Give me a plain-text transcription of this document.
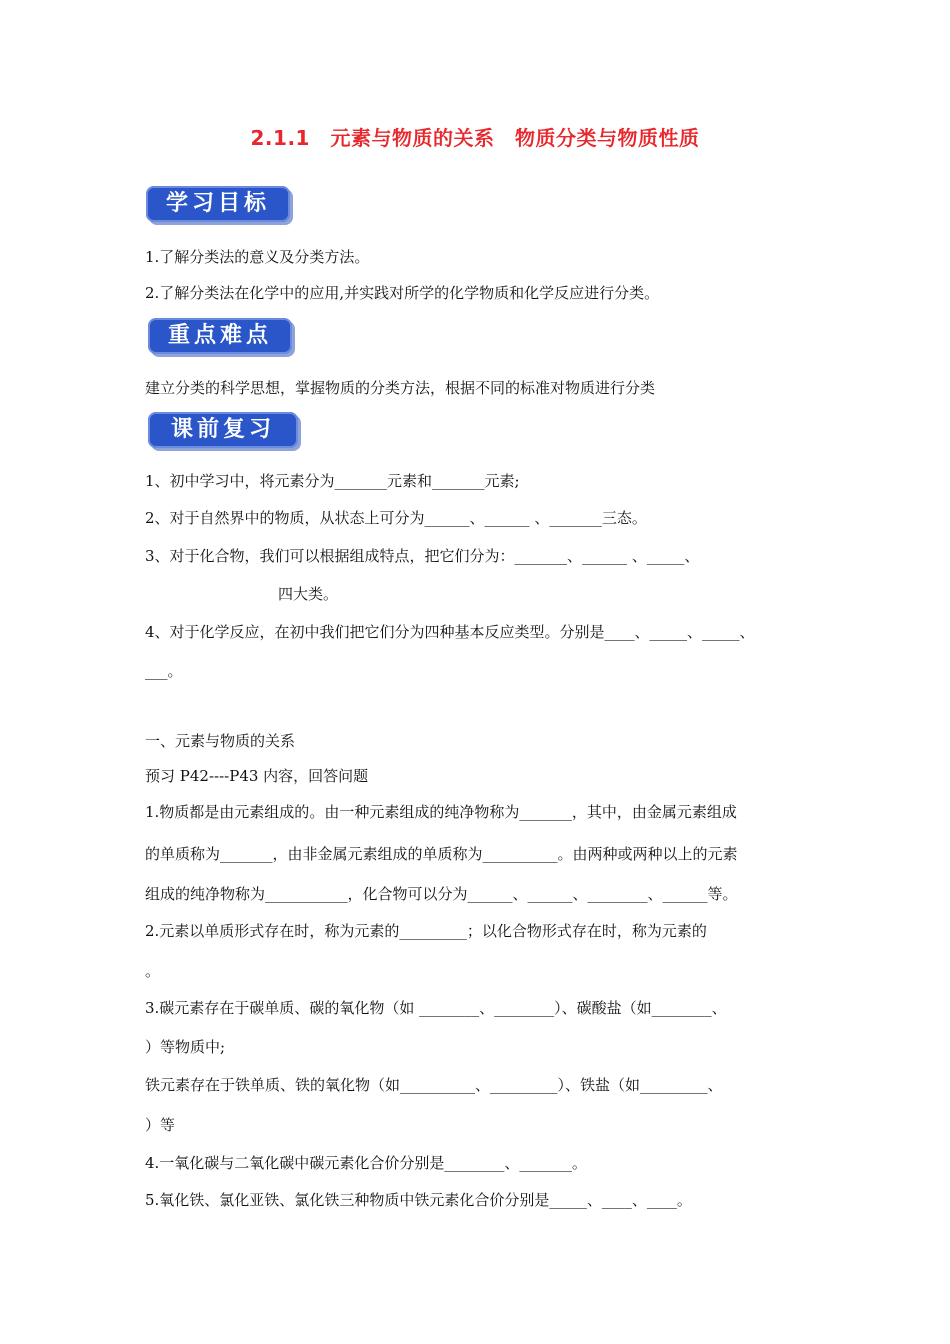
2.1.1　元素与物质的关系　物质分类与物质性质
学习目标
1.了解分类法的意义及分类方法。
2.了解分类法在化学中的应用,并实践对所学的化学物质和化学反应进行分类。
重点难点
建立分类的科学思想，掌握物质的分类方法，根据不同的标准对物质进行分类
课前复习
1、初中学习中，将元素分为_______元素和_______元素;
2、对于自然界中的物质，从状态上可分为______、______ 、_______三态。
3、对于化合物，我们可以根据组成特点，把它们分为：_______、______ 、_____、
四大类。
4、对于化学反应，在初中我们把它们分为四种基本反应类型。分别是____、_____、_____、
___。
一、元素与物质的关系
预习 P42----P43 内容，回答问题
1.物质都是由元素组成的。由一种元素组成的纯净物称为_______，其中，由金属元素组成
的单质称为_______，由非金属元素组成的单质称为__________。由两种或两种以上的元素
组成的纯净物称为___________，化合物可以分为______、______、________、______等。
2.元素以单质形式存在时，称为元素的_________；以化合物形式存在时，称为元素的
。
3.碳元素存在于碳单质、碳的氧化物（如 ________、________）、碳酸盐（如________、
）等物质中;
铁元素存在于铁单质、铁的氧化物（如__________、_________）、铁盐（如_________、
）等
4.一氧化碳与二氧化碳中碳元素化合价分别是________、_______。
5.氧化铁、氯化亚铁、氯化铁三种物质中铁元素化合价分别是_____、____、____。
